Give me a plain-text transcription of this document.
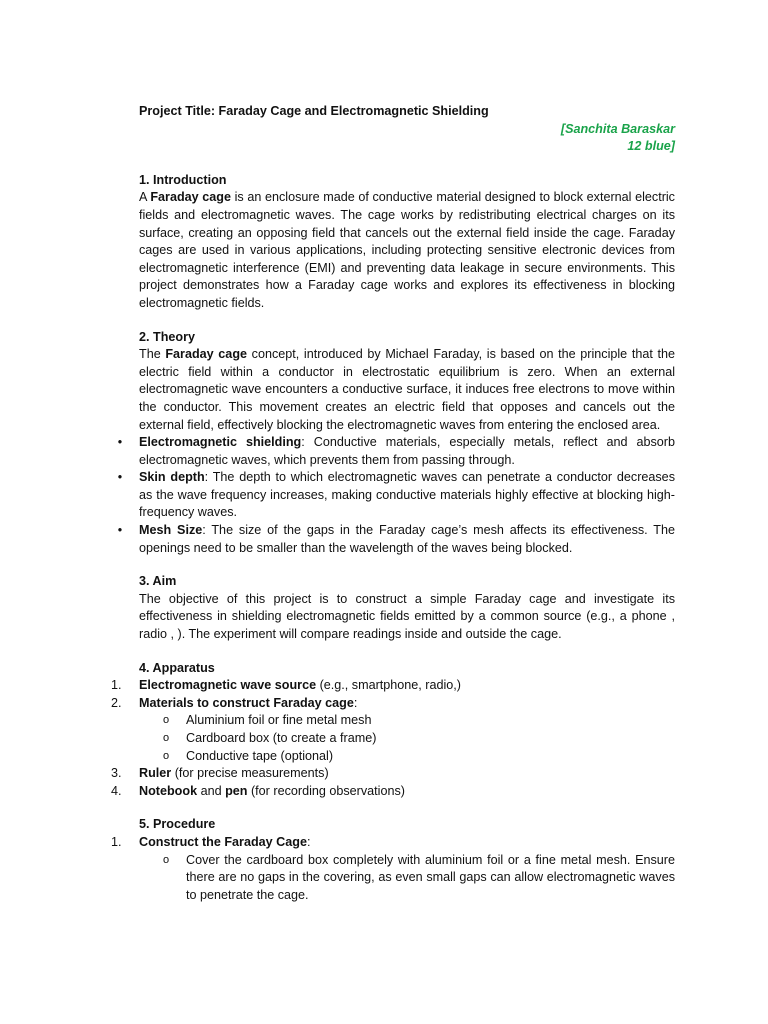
Project Title: Faraday Cage and Electromagnetic Shielding

[Sanchita Baraskar

12 blue]

1. Introduction

A Faraday cage is an enclosure made of conductive material designed to block external electric fields and electromagnetic waves. The cage works by redistributing electrical charges on its surface, creating an opposing field that cancels out the external field inside the cage. Faraday cages are used in various applications, including protecting sensitive electronic devices from electromagnetic interference (EMI) and preventing data leakage in secure environments. This project demonstrates how a Faraday cage works and explores its effectiveness in blocking electromagnetic fields.

2. Theory

The Faraday cage concept, introduced by Michael Faraday, is based on the principle that the electric field within a conductor in electrostatic equilibrium is zero. When an external electromagnetic wave encounters a conductive surface, it induces free electrons to move within the conductor. This movement creates an electric field that opposes and cancels out the external field, effectively blocking the electromagnetic waves from entering the enclosed area.

• Electromagnetic shielding: Conductive materials, especially metals, reflect and absorb electromagnetic waves, which prevents them from passing through.
• Skin depth: The depth to which electromagnetic waves can penetrate a conductor decreases as the wave frequency increases, making conductive materials highly effective at blocking high-frequency waves.
• Mesh Size: The size of the gaps in the Faraday cage’s mesh affects its effectiveness. The openings need to be smaller than the wavelength of the waves being blocked.

3. Aim

The objective of this project is to construct a simple Faraday cage and investigate its effectiveness in shielding electromagnetic fields emitted by a common source (e.g., a phone , radio , ). The experiment will compare readings inside and outside the cage.

4. Apparatus

1.	Electromagnetic wave source (e.g., smartphone, radio,)
2.	Materials to construct Faraday cage:
o Aluminium foil or fine metal mesh
o Cardboard box (to create a frame)
o Conductive tape (optional)
3.	Ruler (for precise measurements)
4.	Notebook and pen (for recording observations)

5. Procedure

1.	Construct the Faraday Cage:
o Cover the cardboard box completely with aluminium foil or a fine metal mesh. Ensure there are no gaps in the covering, as even small gaps can allow electromagnetic waves to penetrate the cage.
